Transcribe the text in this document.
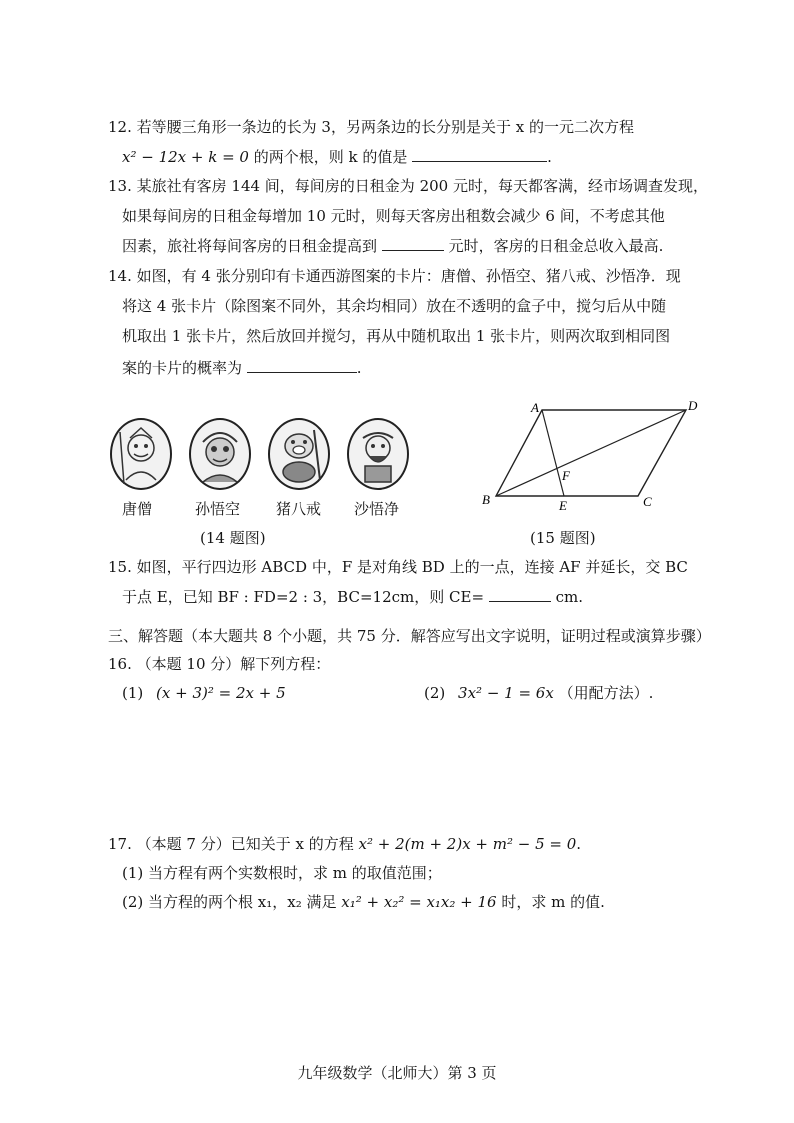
12. 若等腰三角形一条边的长为 3，另两条边的长分别是关于 x 的一元二次方程
x² − 12x + k = 0 的两个根，则 k 的值是	.
13. 某旅社有客房 144 间，每间房的日租金为 200 元时，每天都客满，经市场调查发现，
如果每间房的日租金每增加 10 元时，则每天客房出租数会减少 6 间，不考虑其他
因素，旅社将每间客房的日租金提高到	元时，客房的日租金总收入最高.
14. 如图，有 4 张分别印有卡通西游图案的卡片：唐僧、孙悟空、猪八戒、沙悟净．现
将这 4 张卡片（除图案不同外，其余均相同）放在不透明的盒子中，搅匀后从中随
机取出 1 张卡片，然后放回并搅匀，再从中随机取出 1 张卡片，则两次取到相同图
案的卡片的概率为	.
唐僧	孙悟空 猪八戒 沙悟净
(14 题图)
A	D
B	C
E
F
(15 题图)
15. 如图，平行四边形 ABCD 中，F 是对角线 BD 上的一点，连接 AF 并延长，交 BC
于点 E，已知 BF : FD=2 : 3，BC=12cm，则 CE=	cm.
三、解答题（本大题共 8 个小题，共 75 分．解答应写出文字说明，证明过程或演算步骤）
16. （本题 10 分）解下列方程：
(1) (x + 3)² = 2x + 5	(2) 3x² − 1 = 6x （用配方法）.
17. （本题 7 分）已知关于 x 的方程 x² + 2(m + 2)x + m² − 5 = 0.
(1) 当方程有两个实数根时，求 m 的取值范围；
(2) 当方程的两个根 x₁，x₂ 满足 x₁² + x₂² = x₁x₂ + 16 时，求 m 的值.
九年级数学（北师大）第 3 页
